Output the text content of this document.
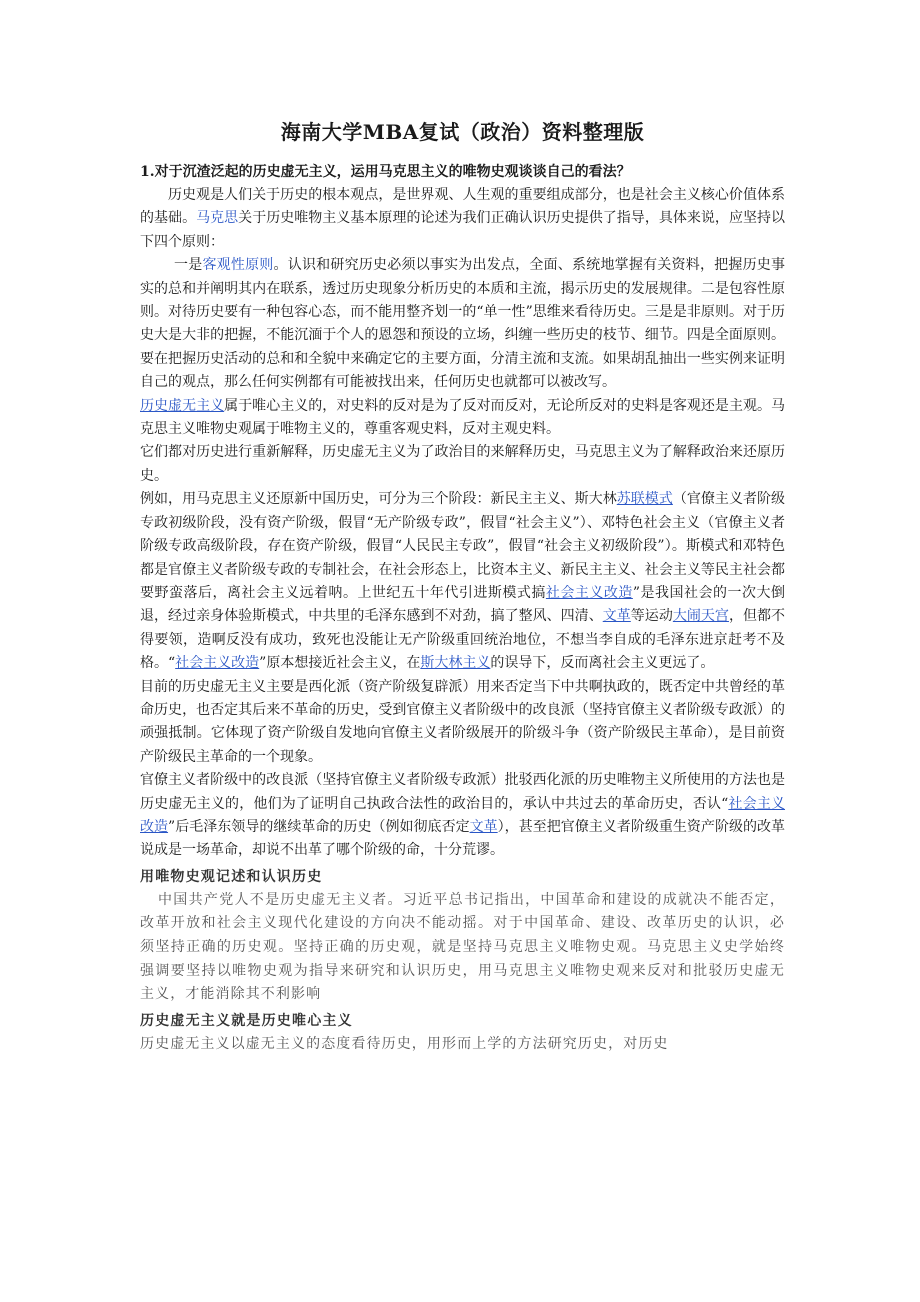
海南大学MBA复试（政治）资料整理版

1.对于沉渣泛起的历史虚无主义，运用马克思主义的唯物史观谈谈自己的看法？

历史观是人们关于历史的根本观点，是世界观、人生观的重要组成部分，也是社会主义核心价值体系的基础。马克思关于历史唯物主义基本原理的论述为我们正确认识历史提供了指导，具体来说，应坚持以下四个原则：

一是客观性原则。认识和研究历史必须以事实为出发点，全面、系统地掌握有关资料，把握历史事实的总和并阐明其内在联系，透过历史现象分析历史的本质和主流，揭示历史的发展规律。二是包容性原则。对待历史要有一种包容心态，而不能用整齐划一的“单一性”思维来看待历史。三是是非原则。对于历史大是大非的把握，不能沉湎于个人的恩怨和预设的立场，纠缠一些历史的枝节、细节。四是全面原则。要在把握历史活动的总和和全貌中来确定它的主要方面，分清主流和支流。如果胡乱抽出一些实例来证明自己的观点，那么任何实例都有可能被找出来，任何历史也就都可以被改写。

历史虚无主义属于唯心主义的，对史料的反对是为了反对而反对，无论所反对的史料是客观还是主观。马克思主义唯物史观属于唯物主义的，尊重客观史料，反对主观史料。

它们都对历史进行重新解释，历史虚无主义为了政治目的来解释历史，马克思主义为了解释政治来还原历史。

例如，用马克思主义还原新中国历史，可分为三个阶段：新民主主义、斯大林苏联模式（官僚主义者阶级专政初级阶段，没有资产阶级，假冒“无产阶级专政”，假冒“社会主义”）、邓特色社会主义（官僚主义者阶级专政高级阶段，存在资产阶级，假冒“人民民主专政”，假冒“社会主义初级阶段”）。斯模式和邓特色都是官僚主义者阶级专政的专制社会，在社会形态上，比资本主义、新民主主义、社会主义等民主社会都要野蛮落后，离社会主义远着呐。上世纪五十年代引进斯模式搞社会主义改造”是我国社会的一次大倒退，经过亲身体验斯模式，中共里的毛泽东感到不对劲，搞了整风、四清、文革等运动大闹天宫，但都不得要领，造啊反没有成功，致死也没能让无产阶级重回统治地位，不想当李自成的毛泽东进京赶考不及格。“社会主义改造”原本想接近社会主义，在斯大林主义的误导下，反而离社会主义更远了。

目前的历史虚无主义主要是西化派（资产阶级复辟派）用来否定当下中共啊执政的，既否定中共曾经的革命历史，也否定其后来不革命的历史，受到官僚主义者阶级中的改良派（坚持官僚主义者阶级专政派）的顽强抵制。它体现了资产阶级自发地向官僚主义者阶级展开的阶级斗争（资产阶级民主革命），是目前资产阶级民主革命的一个现象。

官僚主义者阶级中的改良派（坚持官僚主义者阶级专政派）批驳西化派的历史唯物主义所使用的方法也是历史虚无主义的，他们为了证明自己执政合法性的政治目的，承认中共过去的革命历史，否认“社会主义改造”后毛泽东领导的继续革命的历史（例如彻底否定文革），甚至把官僚主义者阶级重生资产阶级的改革说成是一场革命，却说不出革了哪个阶级的命，十分荒谬。

用唯物史观记述和认识历史

中国共产党人不是历史虚无主义者。习近平总书记指出，中国革命和建设的成就决不能否定，改革开放和社会主义现代化建设的方向决不能动摇。对于中国革命、建设、改革历史的认识，必须坚持正确的历史观。坚持正确的历史观，就是坚持马克思主义唯物史观。马克思主义史学始终强调要坚持以唯物史观为指导来研究和认识历史，用马克思主义唯物史观来反对和批驳历史虚无主义，才能消除其不利影响

历史虚无主义就是历史唯心主义

历史虚无主义以虚无主义的态度看待历史，用形而上学的方法研究历史，对历史
